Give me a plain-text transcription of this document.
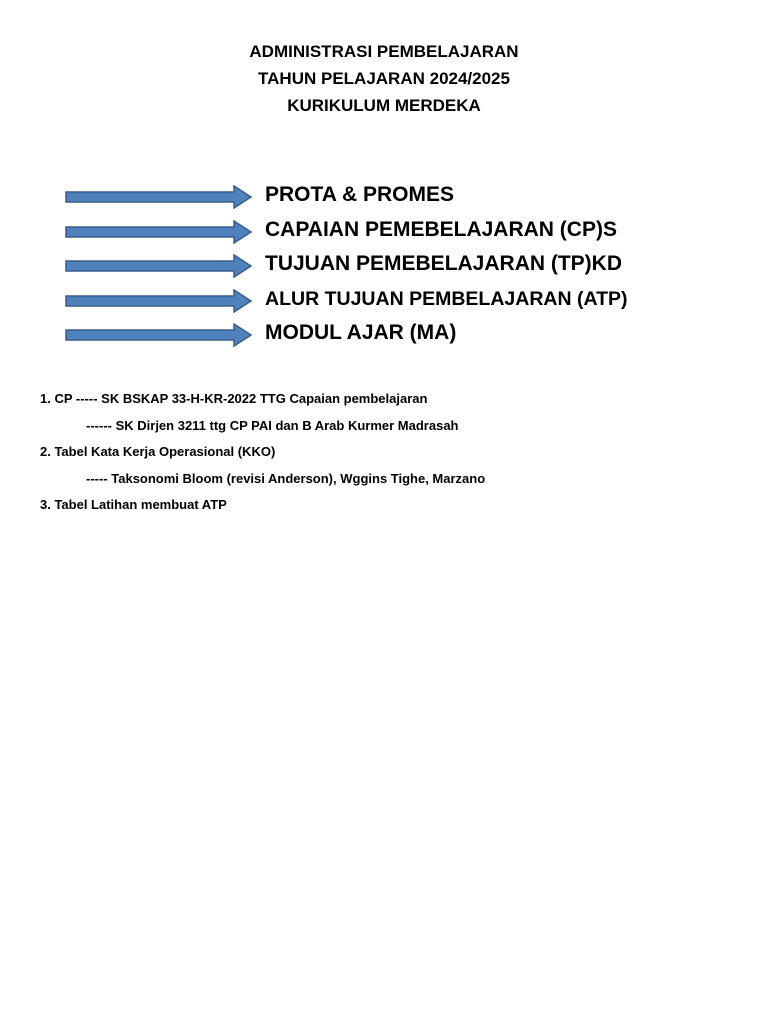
ADMINISTRASI PEMBELAJARAN
TAHUN PELAJARAN 2024/2025
KURIKULUM MERDEKA
PROTA & PROMES
CAPAIAN PEMEBELAJARAN (CP)S
TUJUAN PEMEBELAJARAN (TP)KD
ALUR TUJUAN PEMBELAJARAN (ATP)
MODUL AJAR (MA)
1. CP ----- SK BSKAP 33-H-KR-2022 TTG Capaian pembelajaran
------ SK Dirjen 3211 ttg CP PAI dan B Arab Kurmer Madrasah
2. Tabel Kata Kerja Operasional (KKO)
----- Taksonomi Bloom (revisi Anderson), Wggins Tighe, Marzano
3. Tabel Latihan membuat ATP
